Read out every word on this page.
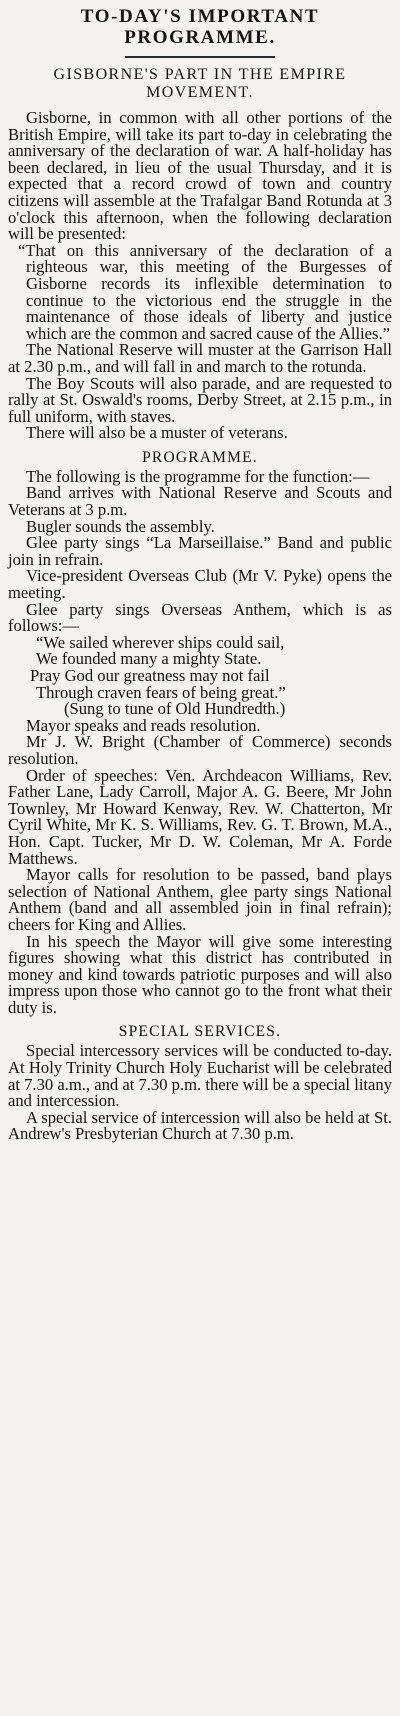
TO-DAY'S IMPORTANT PROGRAMME.
GISBORNE'S PART IN THE EMPIRE MOVEMENT.

Gisborne, in common with all other portions of the British Empire, will take its part to-day in celebrating the anniversary of the declaration of war. A half-holiday has been declared, in lieu of the usual Thursday, and it is expected that a record crowd of town and country citizens will assemble at the Trafalgar Band Rotunda at 3 o'clock this afternoon, when the following declaration will be presented:

“That on this anniversary of the declaration of a righteous war, this meeting of the Burgesses of Gisborne records its inflexible determination to continue to the victorious end the struggle in the maintenance of those ideals of liberty and justice which are the common and sacred cause of the Allies.”

The National Reserve will muster at the Garrison Hall at 2.30 p.m., and will fall in and march to the rotunda.

The Boy Scouts will also parade, and are requested to rally at St. Oswald's rooms, Derby Street, at 2.15 p.m., in full uniform, with staves.

There will also be a muster of veterans.

PROGRAMME.

The following is the programme for the function:—

Band arrives with National Reserve and Scouts and Veterans at 3 p.m.

Bugler sounds the assembly.

Glee party sings “La Marseillaise.” Band and public join in refrain.

Vice-president Overseas Club (Mr V. Pyke) opens the meeting.

Glee party sings Overseas Anthem, which is as follows:—

“We sailed wherever ships could sail,

We founded many a mighty State.

Pray God our greatness may not fail

Through craven fears of being great.”

(Sung to tune of Old Hundredth.)

Mayor speaks and reads resolution.

Mr J. W. Bright (Chamber of Commerce) seconds resolution.

Order of speeches: Ven. Archdeacon Williams, Rev. Father Lane, Lady Carroll, Major A. G. Beere, Mr John Townley, Mr Howard Kenway, Rev. W. Chatterton, Mr Cyril White, Mr K. S. Williams, Rev. G. T. Brown, M.A., Hon. Capt. Tucker, Mr D. W. Coleman, Mr A. Forde Matthews.

Mayor calls for resolution to be passed, band plays selection of National Anthem, glee party sings National Anthem (band and all assembled join in final refrain); cheers for King and Allies.

In his speech the Mayor will give some interesting figures showing what this district has contributed in money and kind towards patriotic purposes and will also impress upon those who cannot go to the front what their duty is.

SPECIAL SERVICES.

Special intercessory services will be conducted to-day. At Holy Trinity Church Holy Eucharist will be celebrated at 7.30 a.m., and at 7.30 p.m. there will be a special litany and intercession.

A special service of intercession will also be held at St. Andrew's Presbyterian Church at 7.30 p.m.
